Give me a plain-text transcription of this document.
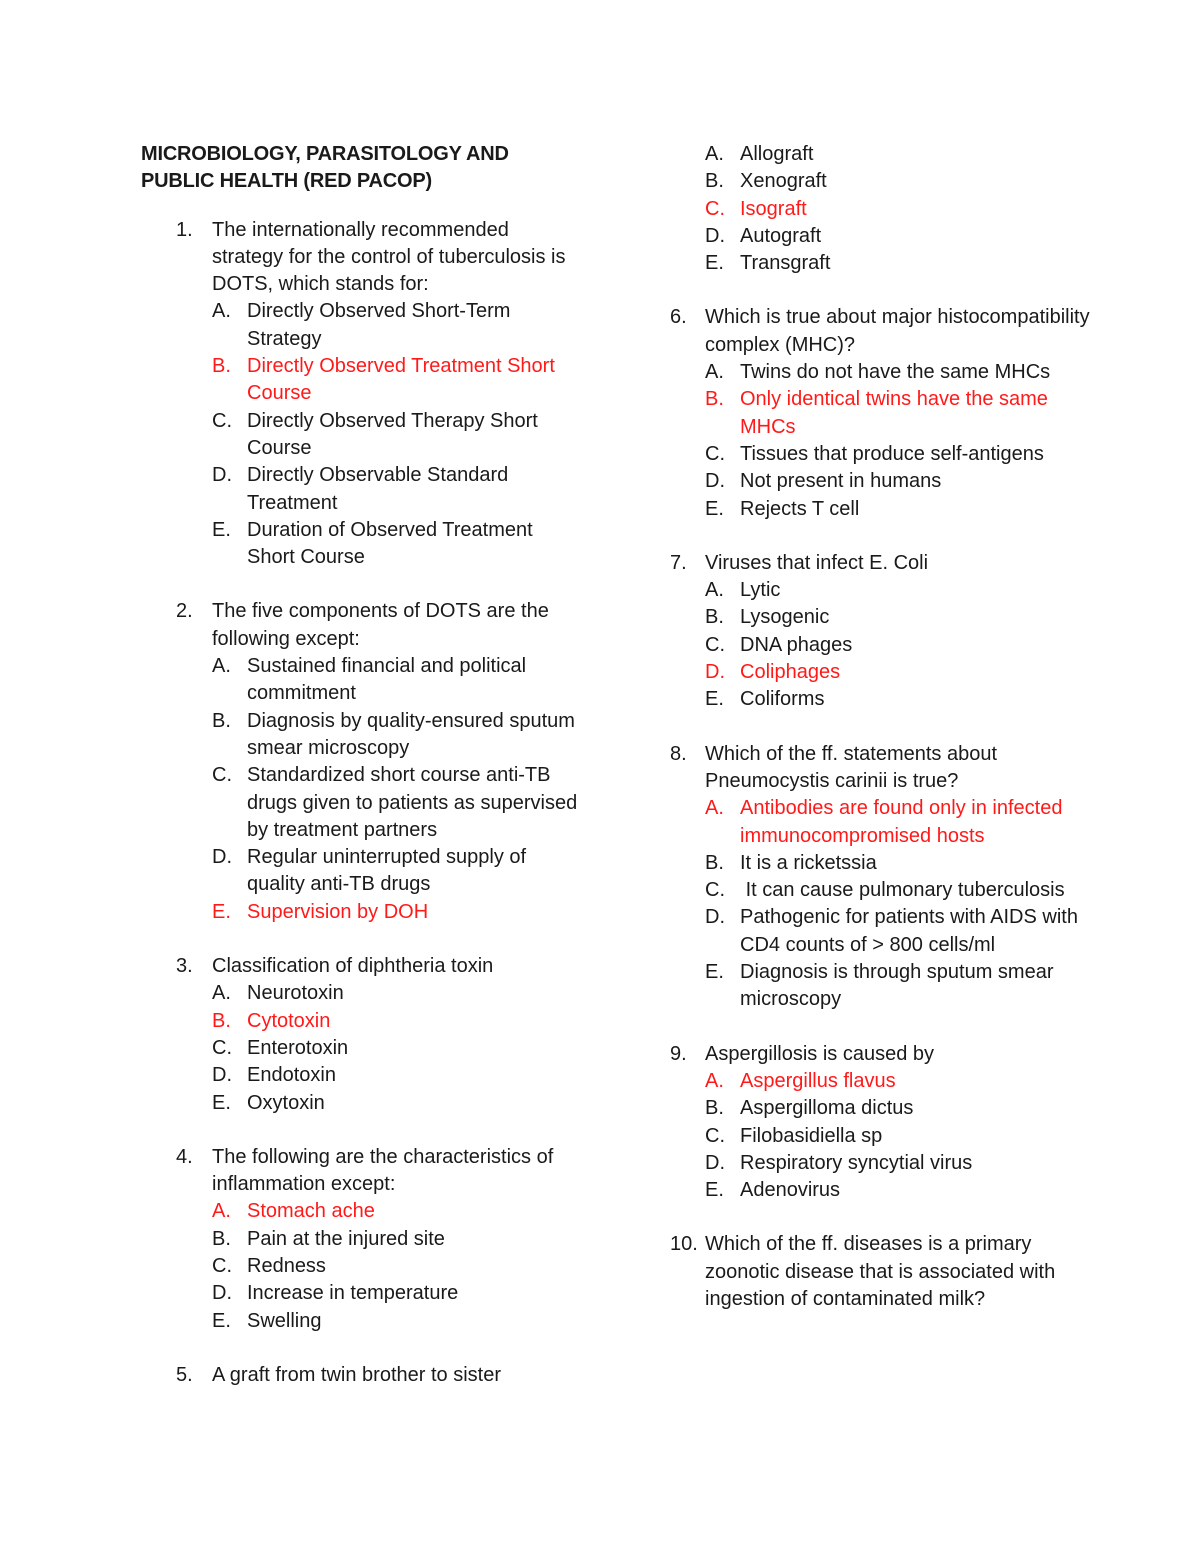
MICROBIOLOGY, PARASITOLOGY AND
PUBLIC HEALTH (RED PACOP)
1. The internationally recommended strategy for the control of tuberculosis is DOTS, which stands for:
A. Directly Observed Short-Term Strategy
B. Directly Observed Treatment Short Course
C. Directly Observed Therapy Short Course
D. Directly Observable Standard Treatment
E. Duration of Observed Treatment Short Course
2. The five components of DOTS are the following except:
A. Sustained financial and political commitment
B. Diagnosis by quality-ensured sputum smear microscopy
C. Standardized short course anti-TB drugs given to patients as supervised by treatment partners
D. Regular uninterrupted supply of quality anti-TB drugs
E. Supervision by DOH
3. Classification of diphtheria toxin
A. Neurotoxin
B. Cytotoxin
C. Enterotoxin
D. Endotoxin
E. Oxytoxin
4. The following are the characteristics of inflammation except:
A. Stomach ache
B. Pain at the injured site
C. Redness
D. Increase in temperature
E. Swelling
5. A graft from twin brother to sister
A. Allograft
B. Xenograft
C. Isograft
D. Autograft
E. Transgraft
6. Which is true about major histocompatibility complex (MHC)?
A. Twins do not have the same MHCs
B. Only identical twins have the same MHCs
C. Tissues that produce self-antigens
D. Not present in humans
E. Rejects T cell
7. Viruses that infect E. Coli
A. Lytic
B. Lysogenic
C. DNA phages
D. Coliphages
E. Coliforms
8. Which of the ff. statements about Pneumocystis carinii is true?
A. Antibodies are found only in infected immunocompromised hosts
B. It is a ricketssia
C. It can cause pulmonary tuberculosis
D. Pathogenic for patients with AIDS with CD4 counts of > 800 cells/ml
E. Diagnosis is through sputum smear microscopy
9. Aspergillosis is caused by
A. Aspergillus flavus
B. Aspergilloma dictus
C. Filobasidiella sp
D. Respiratory syncytial virus
E. Adenovirus
10. Which of the ff. diseases is a primary zoonotic disease that is associated with ingestion of contaminated milk?
